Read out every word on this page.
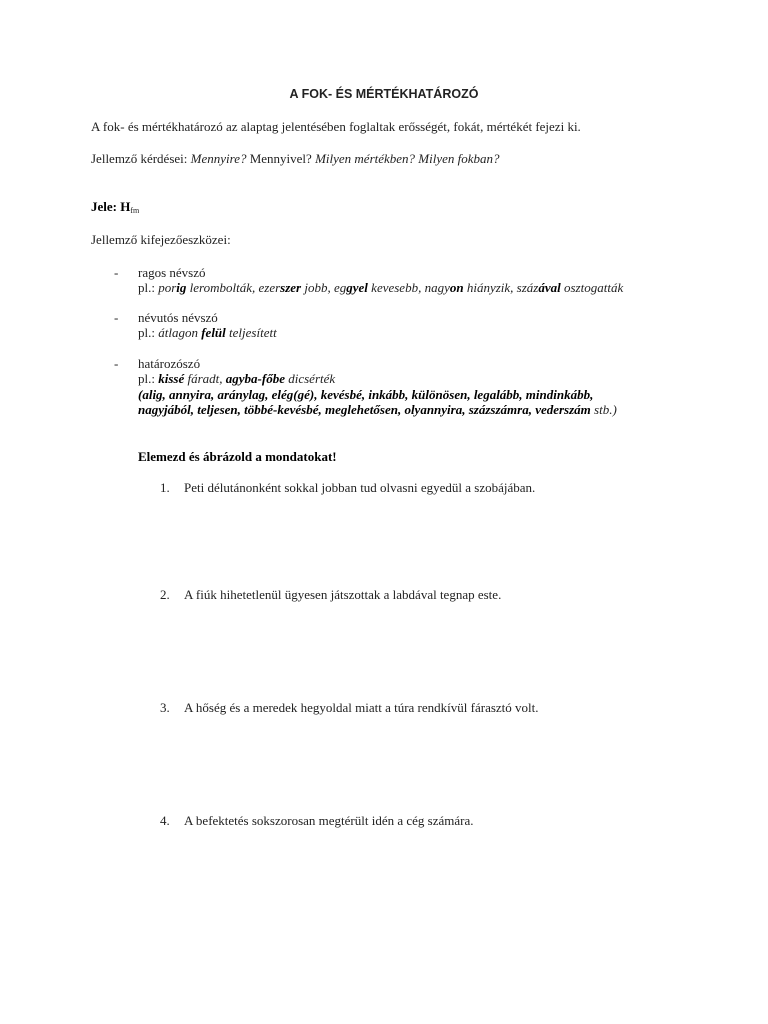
A FOK- ÉS MÉRTÉKHATÁROZÓ
A fok- és mértékhatározó az alaptag jelentésében foglaltak erősségét, fokát, mértékét fejezi ki.
Jellemző kérdései: Mennyire? Mennyivel? Milyen mértékben? Milyen fokban?
Jele: $H_{fm}$
Jellemző kifejezőeszközei:
- ragos névszó
pl.: porig lerombolták, ezerszer jobb, eggyel kevesebb, nagyon hiányzik, százával osztogatták
- névutós névszó
pl.: átlagon felül teljesített
- határozószó
pl.: kissé fáradt, agyba-főbe dicsérték
(alig, annyira, aránylag, elég(gé), kevésbé, inkább, különösen, legalább, mindinkább,
nagyjából, teljesen, többé-kevésbé, meglehetősen, olyannyira, százszámra, vederszám stb.)
Elemezd és ábrázold a mondatokat!
1. Peti délutánonként sokkal jobban tud olvasni egyedül a szobájában.
2. A fiúk hihetetlenül ügyesen játszottak a labdával tegnap este.
3. A hőség és a meredek hegyoldal miatt a túra rendkívül fárasztó volt.
4. A befektetés sokszorosan megtérült idén a cég számára.
